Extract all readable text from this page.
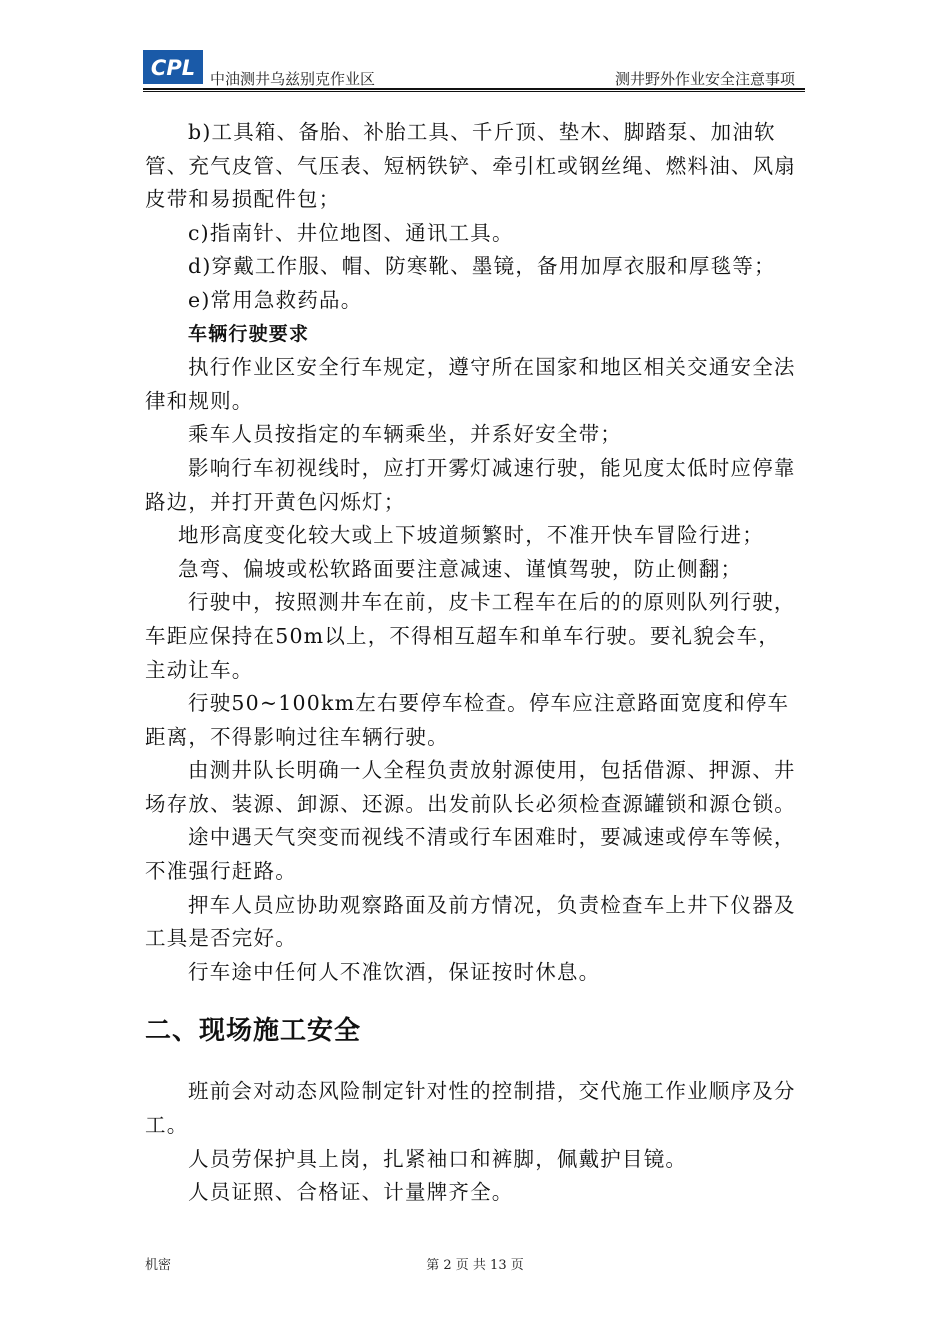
CPL 中油测井乌兹别克作业区	测井野外作业安全注意事项

b)工具箱、备胎、补胎工具、千斤顶、垫木、脚踏泵、加油软管、充气皮管、气压表、短柄铁铲、牵引杠或钢丝绳、燃料油、风扇皮带和易损配件包；

c)指南针、井位地图、通讯工具。

d)穿戴工作服、帽、防寒靴、墨镜，备用加厚衣服和厚毯等；

e)常用急救药品。

车辆行驶要求

执行作业区安全行车规定，遵守所在国家和地区相关交通安全法律和规则。

乘车人员按指定的车辆乘坐，并系好安全带；

影响行车初视线时，应打开雾灯减速行驶，能见度太低时应停靠路边，并打开黄色闪烁灯；

地形高度变化较大或上下坡道频繁时，不准开快车冒险行进；

急弯、偏坡或松软路面要注意减速、谨慎驾驶，防止侧翻；

行驶中，按照测井车在前，皮卡工程车在后的的原则队列行驶，车距应保持在50m以上，不得相互超车和单车行驶。要礼貌会车，主动让车。

行驶50~100km左右要停车检查。停车应注意路面宽度和停车距离，不得影响过往车辆行驶。

由测井队长明确一人全程负责放射源使用，包括借源、押源、井场存放、装源、卸源、还源。出发前队长必须检查源罐锁和源仓锁。

途中遇天气突变而视线不清或行车困难时，要减速或停车等候，不准强行赶路。

押车人员应协助观察路面及前方情况，负责检查车上井下仪器及工具是否完好。

行车途中任何人不准饮酒，保证按时休息。

二、现场施工安全

班前会对动态风险制定针对性的控制措，交代施工作业顺序及分工。

人员劳保护具上岗，扎紧袖口和裤脚，佩戴护目镜。

人员证照、合格证、计量牌齐全。

机密	第 2 页 共 13 页
